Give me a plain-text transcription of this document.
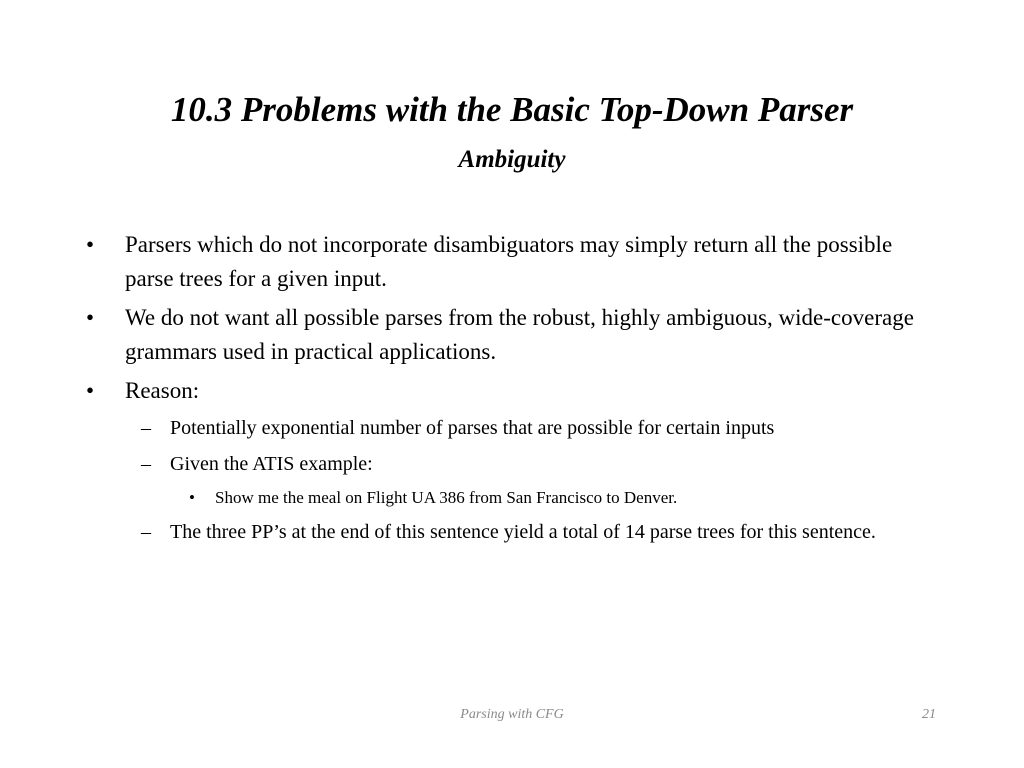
10.3 Problems with the Basic Top-Down Parser
Ambiguity
•	Parsers which do not incorporate disambiguators may simply return all the possible parse trees for a given input.
•	We do not want all possible parses from the robust, highly ambiguous, wide-coverage grammars used in practical applications.
•	Reason:
– Potentially exponential number of parses that are possible for certain inputs
– Given the ATIS example:
• Show me the meal on Flight UA 386 from San Francisco to Denver.
– The three PP’s at the end of this sentence yield a total of 14 parse trees for this sentence.
Parsing with CFG	21
